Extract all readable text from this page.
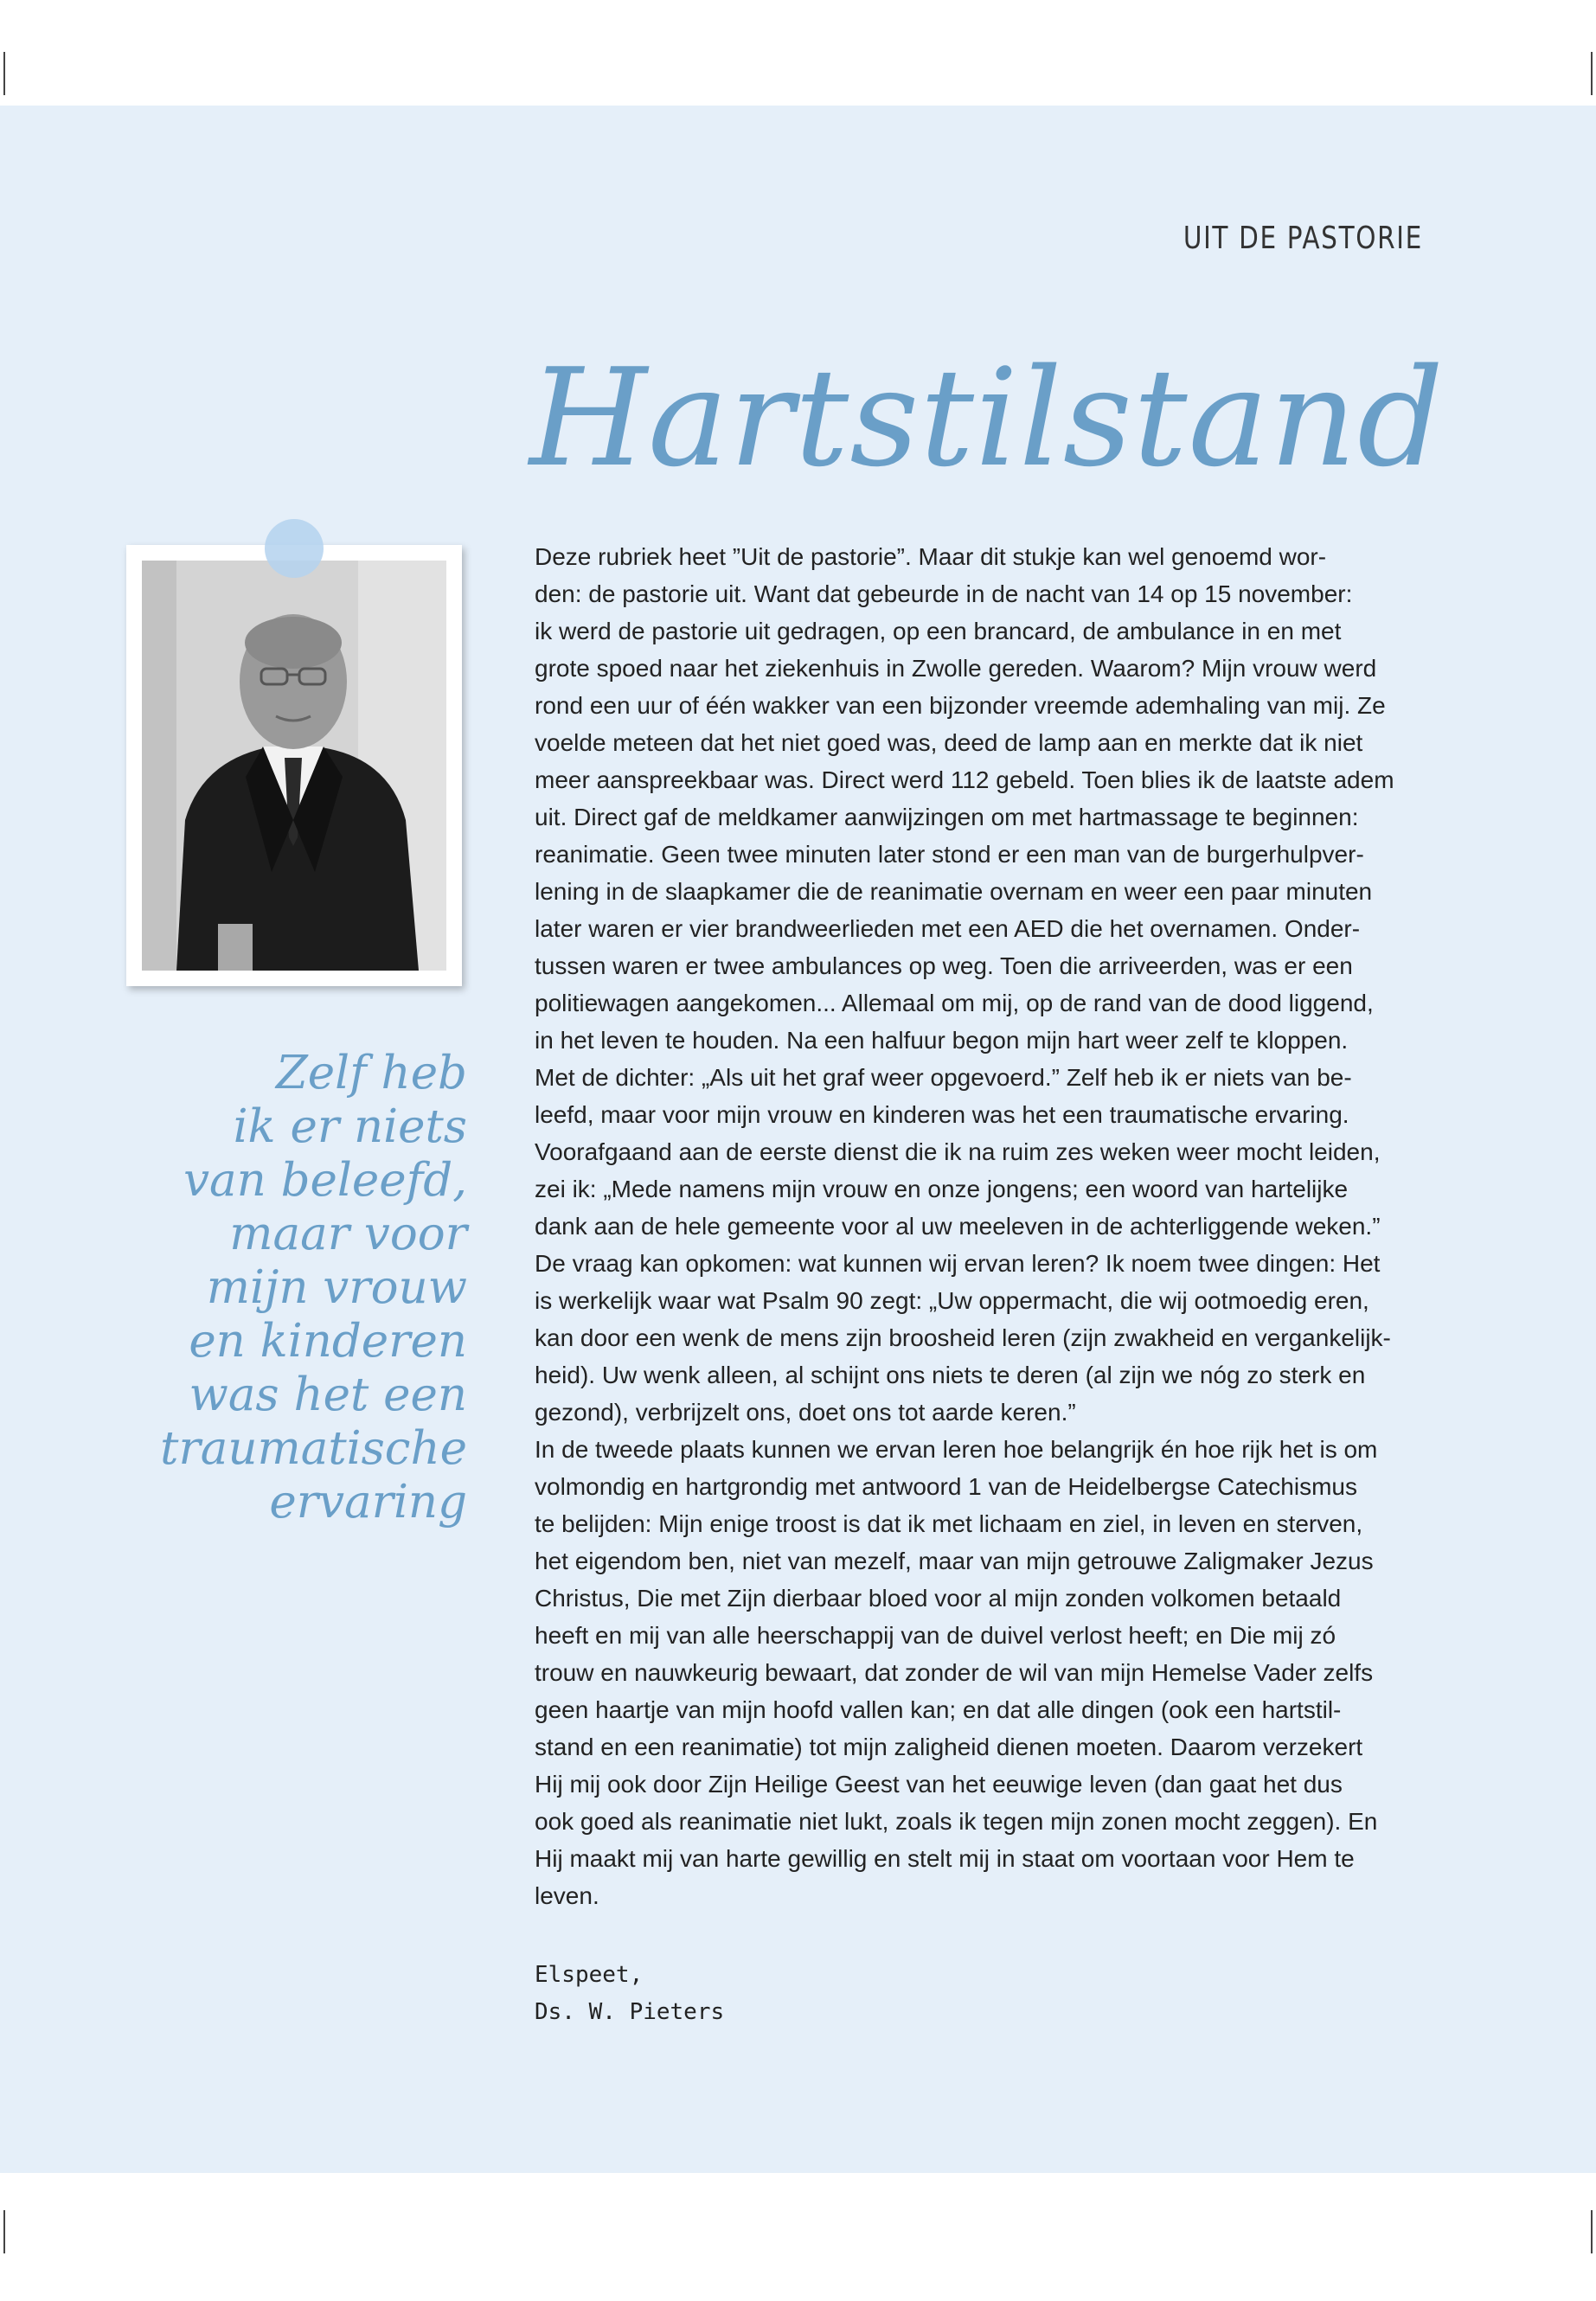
UIT DE PASTORIE
Hartstilstand
Zelf heb
ik er niets
van beleefd,
maar voor
mijn vrouw
en kinderen
was het een
traumatische
ervaring
Deze rubriek heet ”Uit de pastorie”. Maar dit stukje kan wel genoemd wor-
den: de pastorie uit. Want dat gebeurde in de nacht van 14 op 15 november:
ik werd de pastorie uit gedragen, op een brancard, de ambulance in en met
grote spoed naar het ziekenhuis in Zwolle gereden. Waarom? Mijn vrouw werd
rond een uur of één wakker van een bijzonder vreemde ademhaling van mij. Ze
voelde meteen dat het niet goed was, deed de lamp aan en merkte dat ik niet
meer aanspreekbaar was. Direct werd 112 gebeld. Toen blies ik de laatste adem
uit. Direct gaf de meldkamer aanwijzingen om met hartmassage te beginnen:
reanimatie. Geen twee minuten later stond er een man van de burgerhulpver-
lening in de slaapkamer die de reanimatie overnam en weer een paar minuten
later waren er vier brandweerlieden met een AED die het overnamen. Onder-
tussen waren er twee ambulances op weg. Toen die arriveerden, was er een
politiewagen aangekomen... Allemaal om mij, op de rand van de dood liggend,
in het leven te houden. Na een halfuur begon mijn hart weer zelf te kloppen.
Met de dichter: „Als uit het graf weer opgevoerd.” Zelf heb ik er niets van be-
leefd, maar voor mijn vrouw en kinderen was het een traumatische ervaring.
Voorafgaand aan de eerste dienst die ik na ruim zes weken weer mocht leiden,
zei ik: „Mede namens mijn vrouw en onze jongens; een woord van hartelijke
dank aan de hele gemeente voor al uw meeleven in de achterliggende weken.”
De vraag kan opkomen: wat kunnen wij ervan leren? Ik noem twee dingen: Het
is werkelijk waar wat Psalm 90 zegt: „Uw oppermacht, die wij ootmoedig eren,
kan door een wenk de mens zijn broosheid leren (zijn zwakheid en vergankelijk-
heid). Uw wenk alleen, al schijnt ons niets te deren (al zijn we nóg zo sterk en
gezond), verbrijzelt ons, doet ons tot aarde keren.”
In de tweede plaats kunnen we ervan leren hoe belangrijk én hoe rijk het is om
volmondig en hartgrondig met antwoord 1 van de Heidelbergse Catechismus
te belijden: Mijn enige troost is dat ik met lichaam en ziel, in leven en sterven,
het eigendom ben, niet van mezelf, maar van mijn getrouwe Zaligmaker Jezus
Christus, Die met Zijn dierbaar bloed voor al mijn zonden volkomen betaald
heeft en mij van alle heerschappij van de duivel verlost heeft; en Die mij zó
trouw en nauwkeurig bewaart, dat zonder de wil van mijn Hemelse Vader zelfs
geen haartje van mijn hoofd vallen kan; en dat alle dingen (ook een hartstil-
stand en een reanimatie) tot mijn zaligheid dienen moeten. Daarom verzekert
Hij mij ook door Zijn Heilige Geest van het eeuwige leven (dan gaat het dus
ook goed als reanimatie niet lukt, zoals ik tegen mijn zonen mocht zeggen). En
Hij maakt mij van harte gewillig en stelt mij in staat om voortaan voor Hem te
leven.
Elspeet,
Ds. W. Pieters
